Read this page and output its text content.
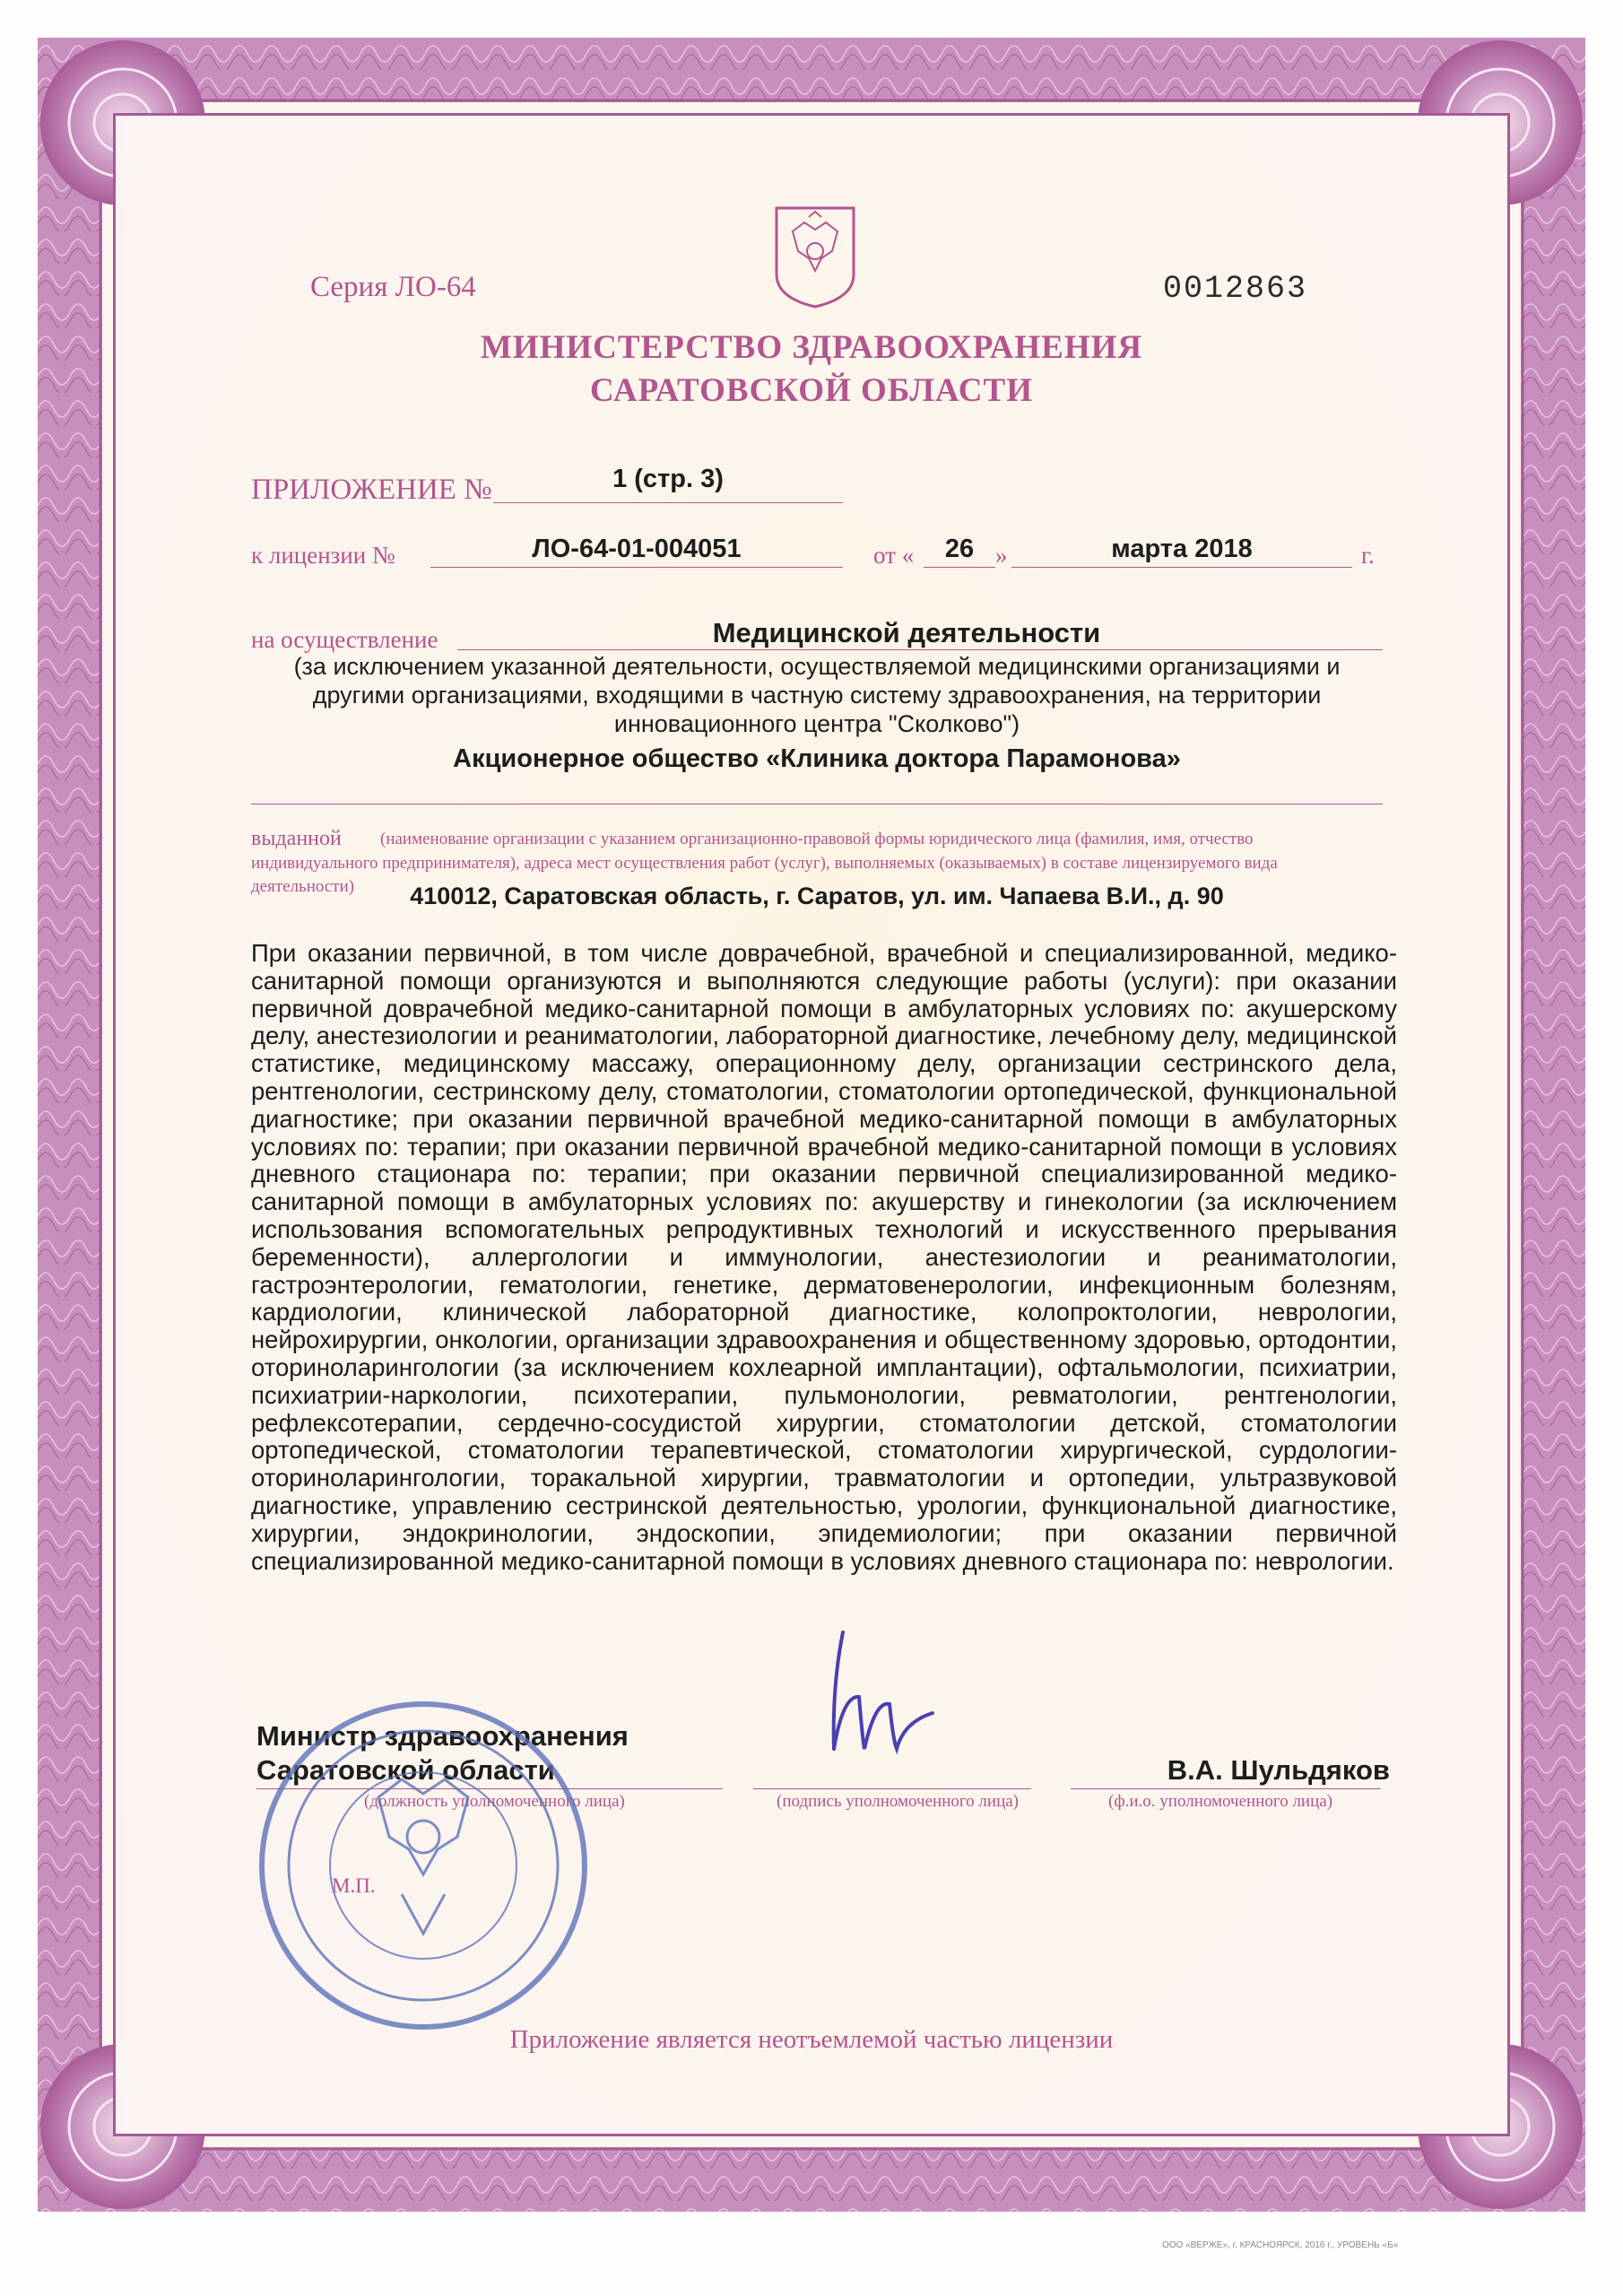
Серия ЛО-64	0012863
МИНИСТЕРСТВО ЗДРАВООХРАНЕНИЯ
САРАТОВСКОЙ ОБЛАСТИ
ПРИЛОЖЕНИЕ №	1 (стр. 3)
к лицензии №	ЛО-64-01-004051	от «	26 »	марта 2018	г.
на осуществление	Медицинской деятельности
(за исключением указанной деятельности, осуществляемой медицинскими организациями и
другими организациями, входящими в частную систему здравоохранения, на территории
инновационного центра "Сколково")
Акционерное общество «Клиника доктора Парамонова»
выданной (наименование организации с указанием организационно-правовой формы юридического лица (фамилия, имя, отчество
индивидуального предпринимателя), адреса мест осуществления работ (услуг), выполняемых (оказываемых) в составе лицензируемого вида
деятельности)	410012, Саратовская область, г. Саратов, ул. им. Чапаева В.И., д. 90
При оказании первичной, в том числе доврачебной, врачебной и специализированной, медико-санитарной помощи организуются и выполняются следующие работы (услуги): при оказании первичной доврачебной медико-санитарной помощи в амбулаторных условиях по: акушерскому делу, анестезиологии и реаниматологии, лабораторной диагностике, лечебному делу, медицинской статистике, медицинскому массажу, операционному делу, организации сестринского дела, рентгенологии, сестринскому делу, стоматологии, стоматологии ортопедической, функциональной диагностике; при оказании первичной врачебной медико-санитарной помощи в амбулаторных условиях по: терапии; при оказании первичной врачебной медико-санитарной помощи в условиях дневного стационара по: терапии; при оказании первичной специализированной медико-санитарной помощи в амбулаторных условиях по: акушерству и гинекологии (за исключением использования вспомогательных репродуктивных технологий и искусственного прерывания беременности), аллергологии и иммунологии, анестезиологии и реаниматологии, гастроэнтерологии, гематологии, генетике, дерматовенерологии, инфекционным болезням, кардиологии, клинической лабораторной диагностике, колопроктологии, неврологии, нейрохирургии, онкологии, организации здравоохранения и общественному здоровью, ортодонтии, оториноларингологии (за исключением кохлеарной имплантации), офтальмологии, психиатрии, психиатрии-наркологии, психотерапии, пульмонологии, ревматологии, рентгенологии, рефлексотерапии, сердечно-сосудистой хирургии, стоматологии детской, стоматологии ортопедической, стоматологии терапевтической, стоматологии хирургической, сурдологии-оториноларингологии, торакальной хирургии, травматологии и ортопедии, ультразвуковой диагностике, управлению сестринской деятельностью, урологии, функциональной диагностике, хирургии, эндокринологии, эндоскопии, эпидемиологии; при оказании первичной специализированной медико-санитарной помощи в условиях дневного стационара по: неврологии.
Министр здравоохранения
Саратовской области
(должность уполномоченного лица)	(подпись уполномоченного лица)
В.А. Шульдяков
(ф.и.о. уполномоченного лица)
М.П.
Приложение является неотъемлемой частью лицензии
ООО «ВЕРЖЕ», г. КРАСНОЯРСК, 2016 г., УРОВЕНЬ «Б»
